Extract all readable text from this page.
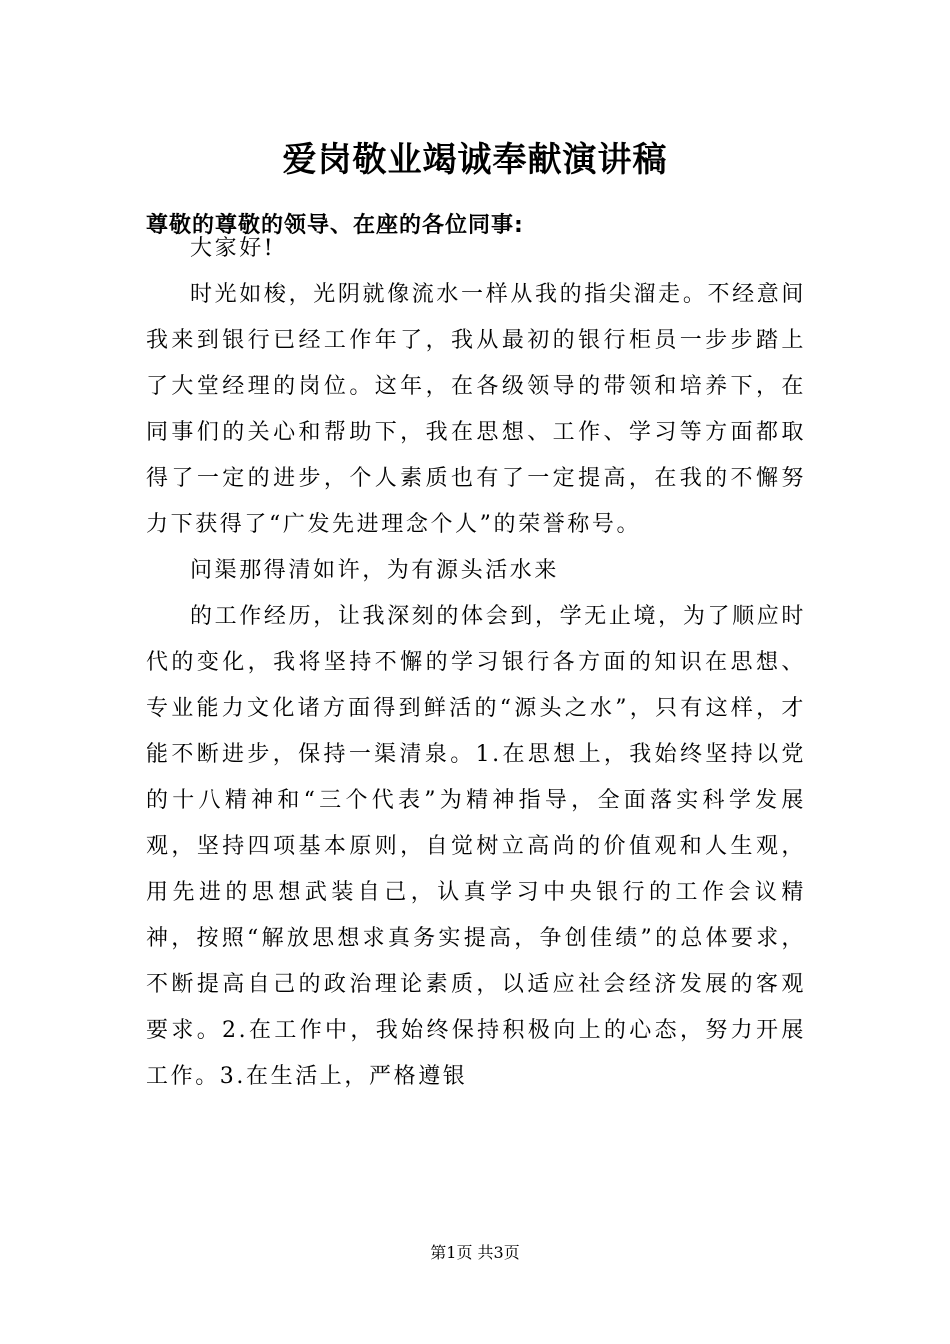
爱岗敬业竭诚奉献演讲稿
尊敬的尊敬的领导、在座的各位同事:

大家好!

时光如梭，光阴就像流水一样从我的指尖溜走。不经意间我来到银行已经工作年了，我从最初的银行柜员一步步踏上了大堂经理的岗位。这年，在各级领导的带领和培养下，在同事们的关心和帮助下，我在思想、工作、学习等方面都取得了一定的进步，个人素质也有了一定提高，在我的不懈努力下获得了“广发先进理念个人”的荣誉称号。

问渠那得清如许，为有源头活水来

的工作经历，让我深刻的体会到，学无止境，为了顺应时代的变化，我将坚持不懈的学习银行各方面的知识在思想、专业能力文化诸方面得到鲜活的“源头之水”，只有这样，才能不断进步，保持一渠清泉。1.在思想上，我始终坚持以党的十八精神和“三个代表”为精神指导，全面落实科学发展观，坚持四项基本原则，自觉树立高尚的价值观和人生观，用先进的思想武装自己，认真学习中央银行的工作会议精神，按照“解放思想求真务实提高，争创佳绩”的总体要求，不断提高自己的政治理论素质，以适应社会经济发展的客观要求。2.在工作中，我始终保持积极向上的心态，努力开展工作。3.在生活上，严格遵银

第1页 共3页
